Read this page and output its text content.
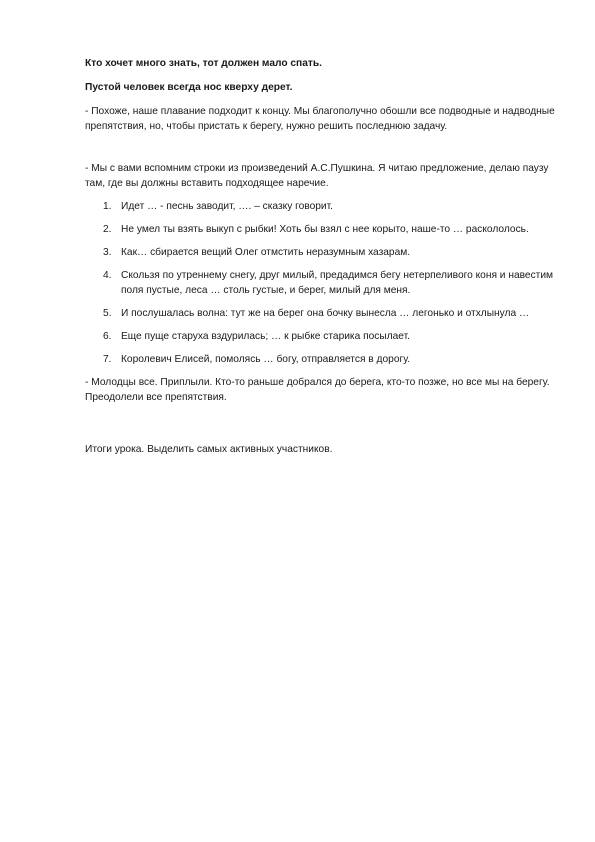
Кто хочет много знать, тот должен мало спать.

Пустой человек всегда нос кверху дерет.

- Похоже, наше плавание подходит к концу. Мы благополучно обошли все подводные и надводные препятствия, но, чтобы пристать к берегу, нужно решить последнюю задачу.

- Мы с вами вспомним строки из произведений А.С.Пушкина. Я читаю предложение, делаю паузу там, где вы должны вставить подходящее наречие.

1. Идет … - песнь заводит, …. – сказку говорит.
2. Не умел ты взять выкуп с рыбки! Хоть бы взял с нее корыто, наше-то … раскололось.
3. Как… сбирается вещий Олег отмстить неразумным хазарам.
4. Скользя по утреннему снегу, друг милый, предадимся бегу нетерпеливого коня и навестим поля пустые, леса … столь густые, и берег, милый для меня.
5. И послушалась волна: тут же на берег она бочку вынесла … легонько и отхлынула …
6. Еще пуще старуха вздурилась; … к рыбке старика посылает.
7. Королевич Елисей, помолясь … богу, отправляется в дорогу.

- Молодцы все. Приплыли. Кто-то раньше добрался до берега, кто-то позже, но все мы на берегу. Преодолели все препятствия.

Итоги урока. Выделить самых активных участников.
